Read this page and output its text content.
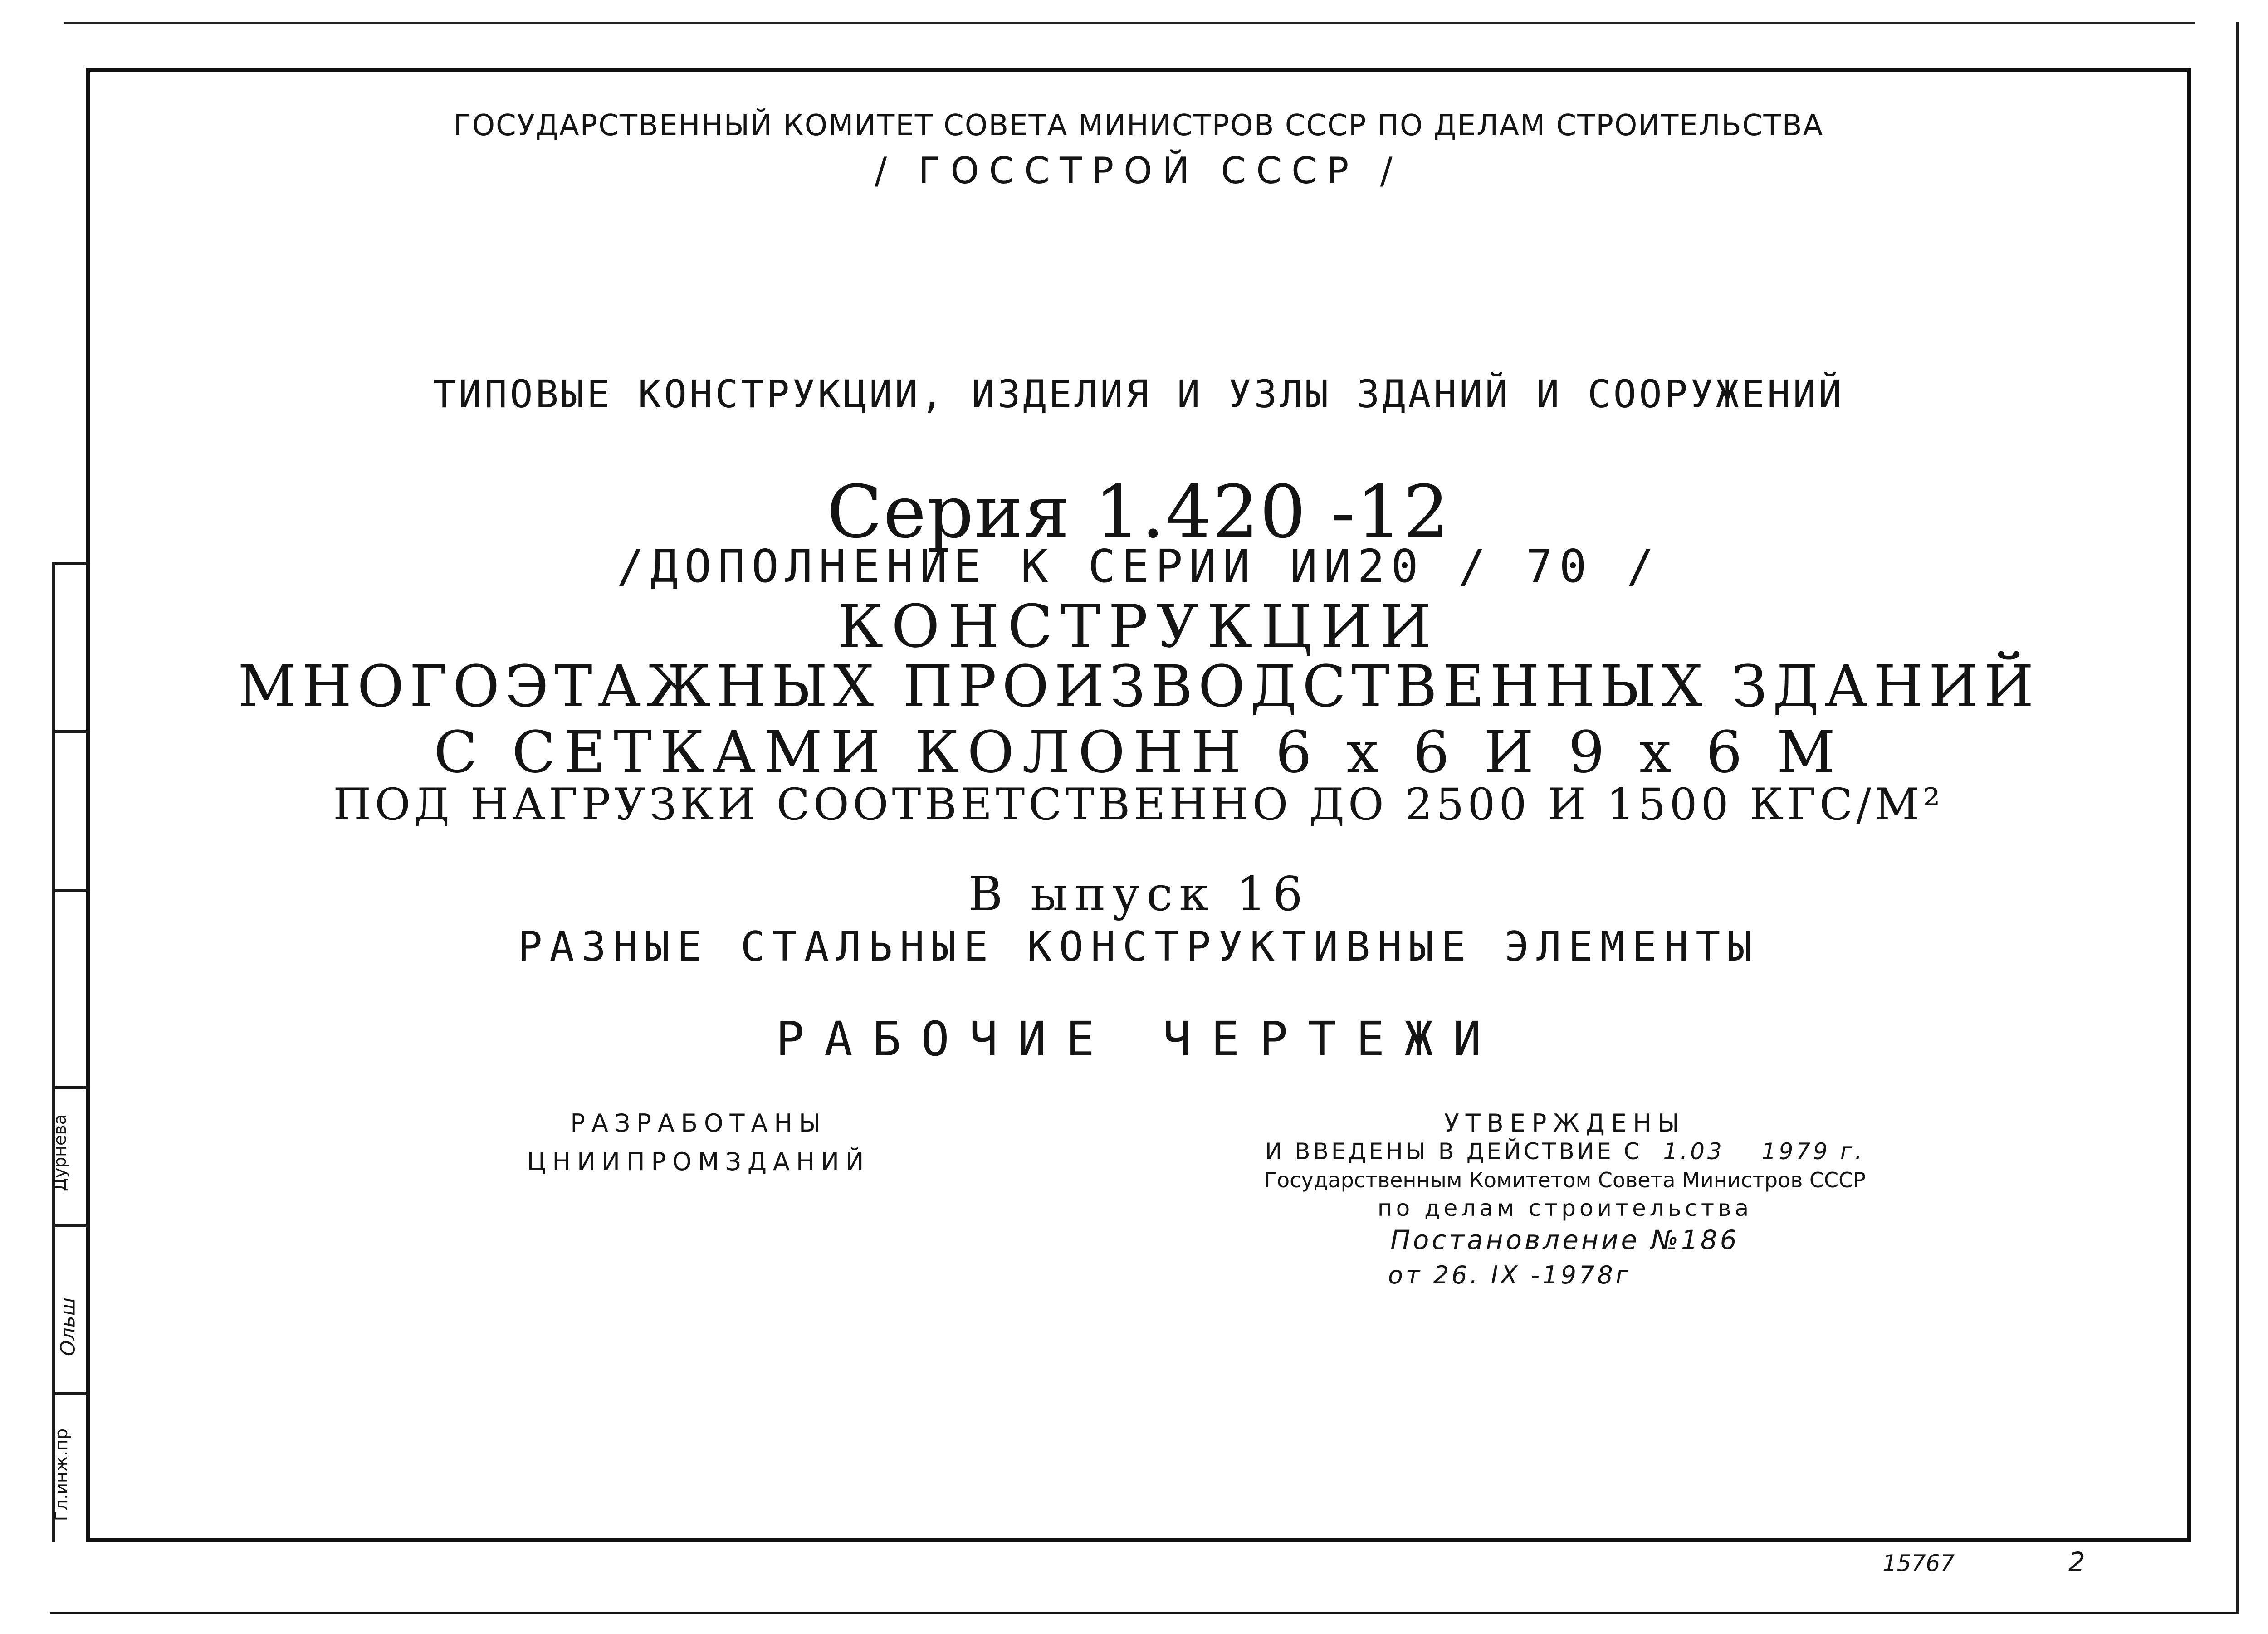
Дурнева
Ольш
Гл.инж.пр
ГОСУДАРСТВЕННЫЙ КОМИТЕТ СОВЕТА МИНИСТРОВ СССР ПО ДЕЛАМ СТРОИТЕЛЬСТВА
/ ГОССТРОЙ СССР /
ТИПОВЫЕ КОНСТРУКЦИИ, ИЗДЕЛИЯ И УЗЛЫ ЗДАНИЙ И СООРУЖЕНИЙ
Серия 1.420 -12
/ДОПОЛНЕНИЕ К СЕРИИ ИИ20 / 70 /
КОНСТРУКЦИИ
МНОГОЭТАЖНЫХ ПРОИЗВОДСТВЕННЫХ ЗДАНИЙ
С СЕТКАМИ КОЛОНН 6 х 6 И 9 х 6 М
ПОД НАГРУЗКИ СООТВЕТСТВЕННО ДО 2500 И 1500 КГС/М²
В ыпуск 16
РАЗНЫЕ СТАЛЬНЫЕ КОНСТРУКТИВНЫЕ ЭЛЕМЕНТЫ
РАБОЧИЕ ЧЕРТЕЖИ
РАЗРАБОТАНЫ
ЦНИИПРОМЗДАНИЙ
УТВЕРЖДЕНЫ
И ВВЕДЕНЫ В ДЕЙСТВИЕ С 1.03 1979 г.
Государственным Комитетом Совета Министров СССР
по делам строительства
Постановление №186
от 26. IX -1978г
15767	2
